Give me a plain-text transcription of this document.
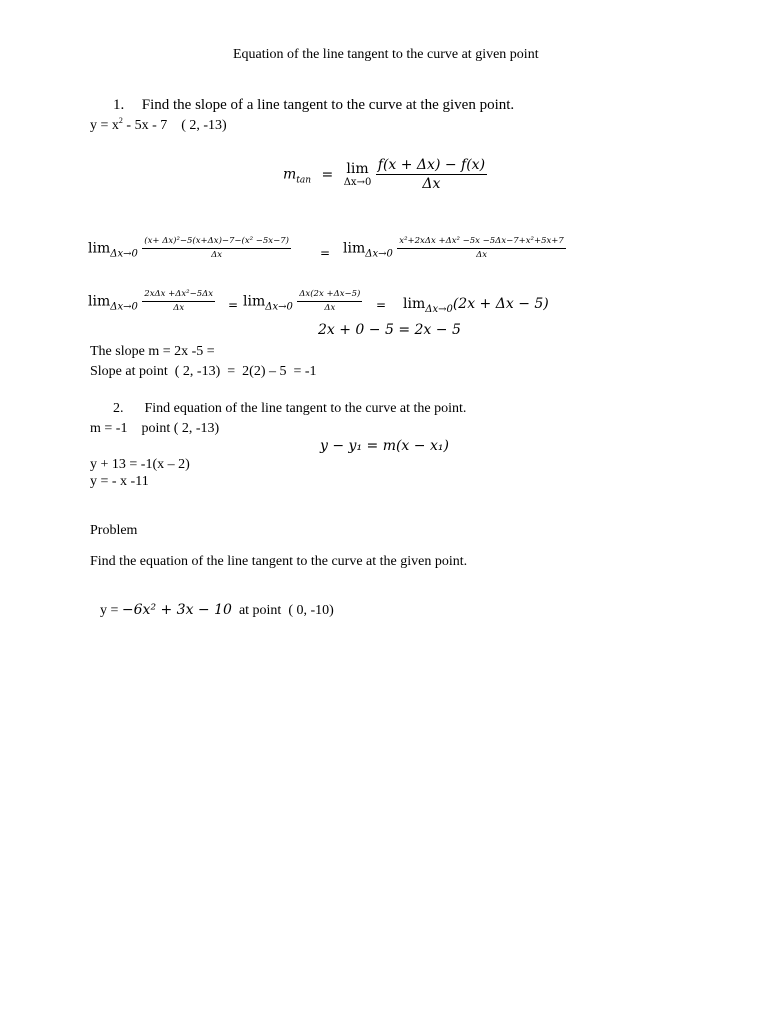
Equation of the line tangent to the curve at given point
1. Find the slope of a line tangent to the curve at the given point.
$y = x^2 - 5x - 7$    ( 2, -13)
$m_{tan} = \lim$
Δx→0
$\frac{f(x + \Delta x) - f(x)}{\Delta x}$
$\lim_{\Delta x\to 0} \frac{\text{(x+ Δx)²−5(x+Δx)−7−(x² −5x−7)}}{\Delta x} = \lim_{\Delta x\to 0} \frac{\text{x²+2xΔx +Δx² −5x −5Δx−7+x²+5x+7}}{\Delta x}$
$\lim_{\Delta x\to 0} \frac{\text{2xΔx +Δx²−5Δx}}{\Delta x} = \lim_{\Delta x\to 0} \frac{\Delta x(2x +\Delta x-5)}{\Delta x} = \lim_{\Delta x\to 0}(2x + \Delta x - 5)$
2x + 0 − 5 = 2x − 5
The slope m = 2x -5 =
Slope at point  ( 2, -13)  =  2(2) – 5  = -1
2. Find equation of the line tangent to the curve at the point.
m = -1    point ( 2, -13)
y − y₁ = m(x − x₁)
y + 13 = -1(x – 2)
y = - x -11
Problem
Find the equation of the line tangent to the curve at the given point.

y = −6x² + 3x − 10  at point  ( 0, -10)
